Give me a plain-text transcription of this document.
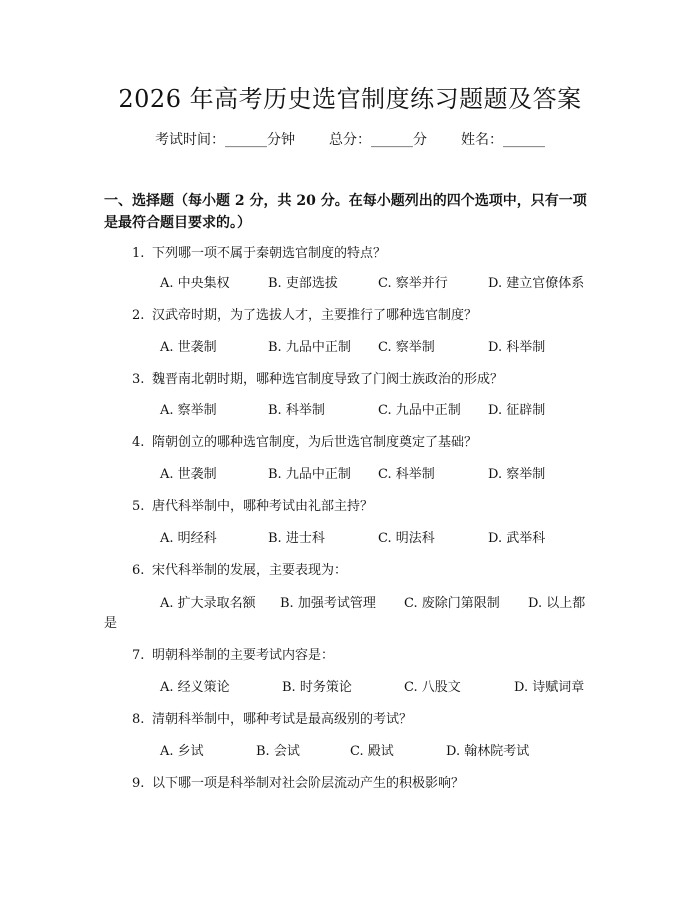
2026 年高考历史选官制度练习题题及答案
考试时间：______分钟 总分：______分 姓名：______
一、选择题（每小题 2 分，共 20 分。在每小题列出的四个选项中，只有一项是最符合题目要求的。）
1. 下列哪一项不属于秦朝选官制度的特点？
A. 中央集权	B. 吏部选拔	C. 察举并行	D. 建立官僚体系
2. 汉武帝时期，为了选拔人才，主要推行了哪种选官制度？
A. 世袭制	B. 九品中正制 C. 察举制	D. 科举制
3. 魏晋南北朝时期，哪种选官制度导致了门阀士族政治的形成？
A. 察举制	B. 科举制	C. 九品中正制 D. 征辟制
4. 隋朝创立的哪种选官制度，为后世选官制度奠定了基础？
A. 世袭制	B. 九品中正制 C. 科举制	D. 察举制
5. 唐代科举制中，哪种考试由礼部主持？
A. 明经科	B. 进士科	C. 明法科	D. 武举科
6. 宋代科举制的发展，主要表现为：
A. 扩大录取名额 B. 加强考试管理 C. 废除门第限制 D. 以上都
是
7. 明朝科举制的主要考试内容是：
A. 经义策论	B. 时务策论	C. 八股文	D. 诗赋词章
8. 清朝科举制中，哪种考试是最高级别的考试？
A. 乡试	B. 会试	C. 殿试	D. 翰林院考试
9. 以下哪一项是科举制对社会阶层流动产生的积极影响？
